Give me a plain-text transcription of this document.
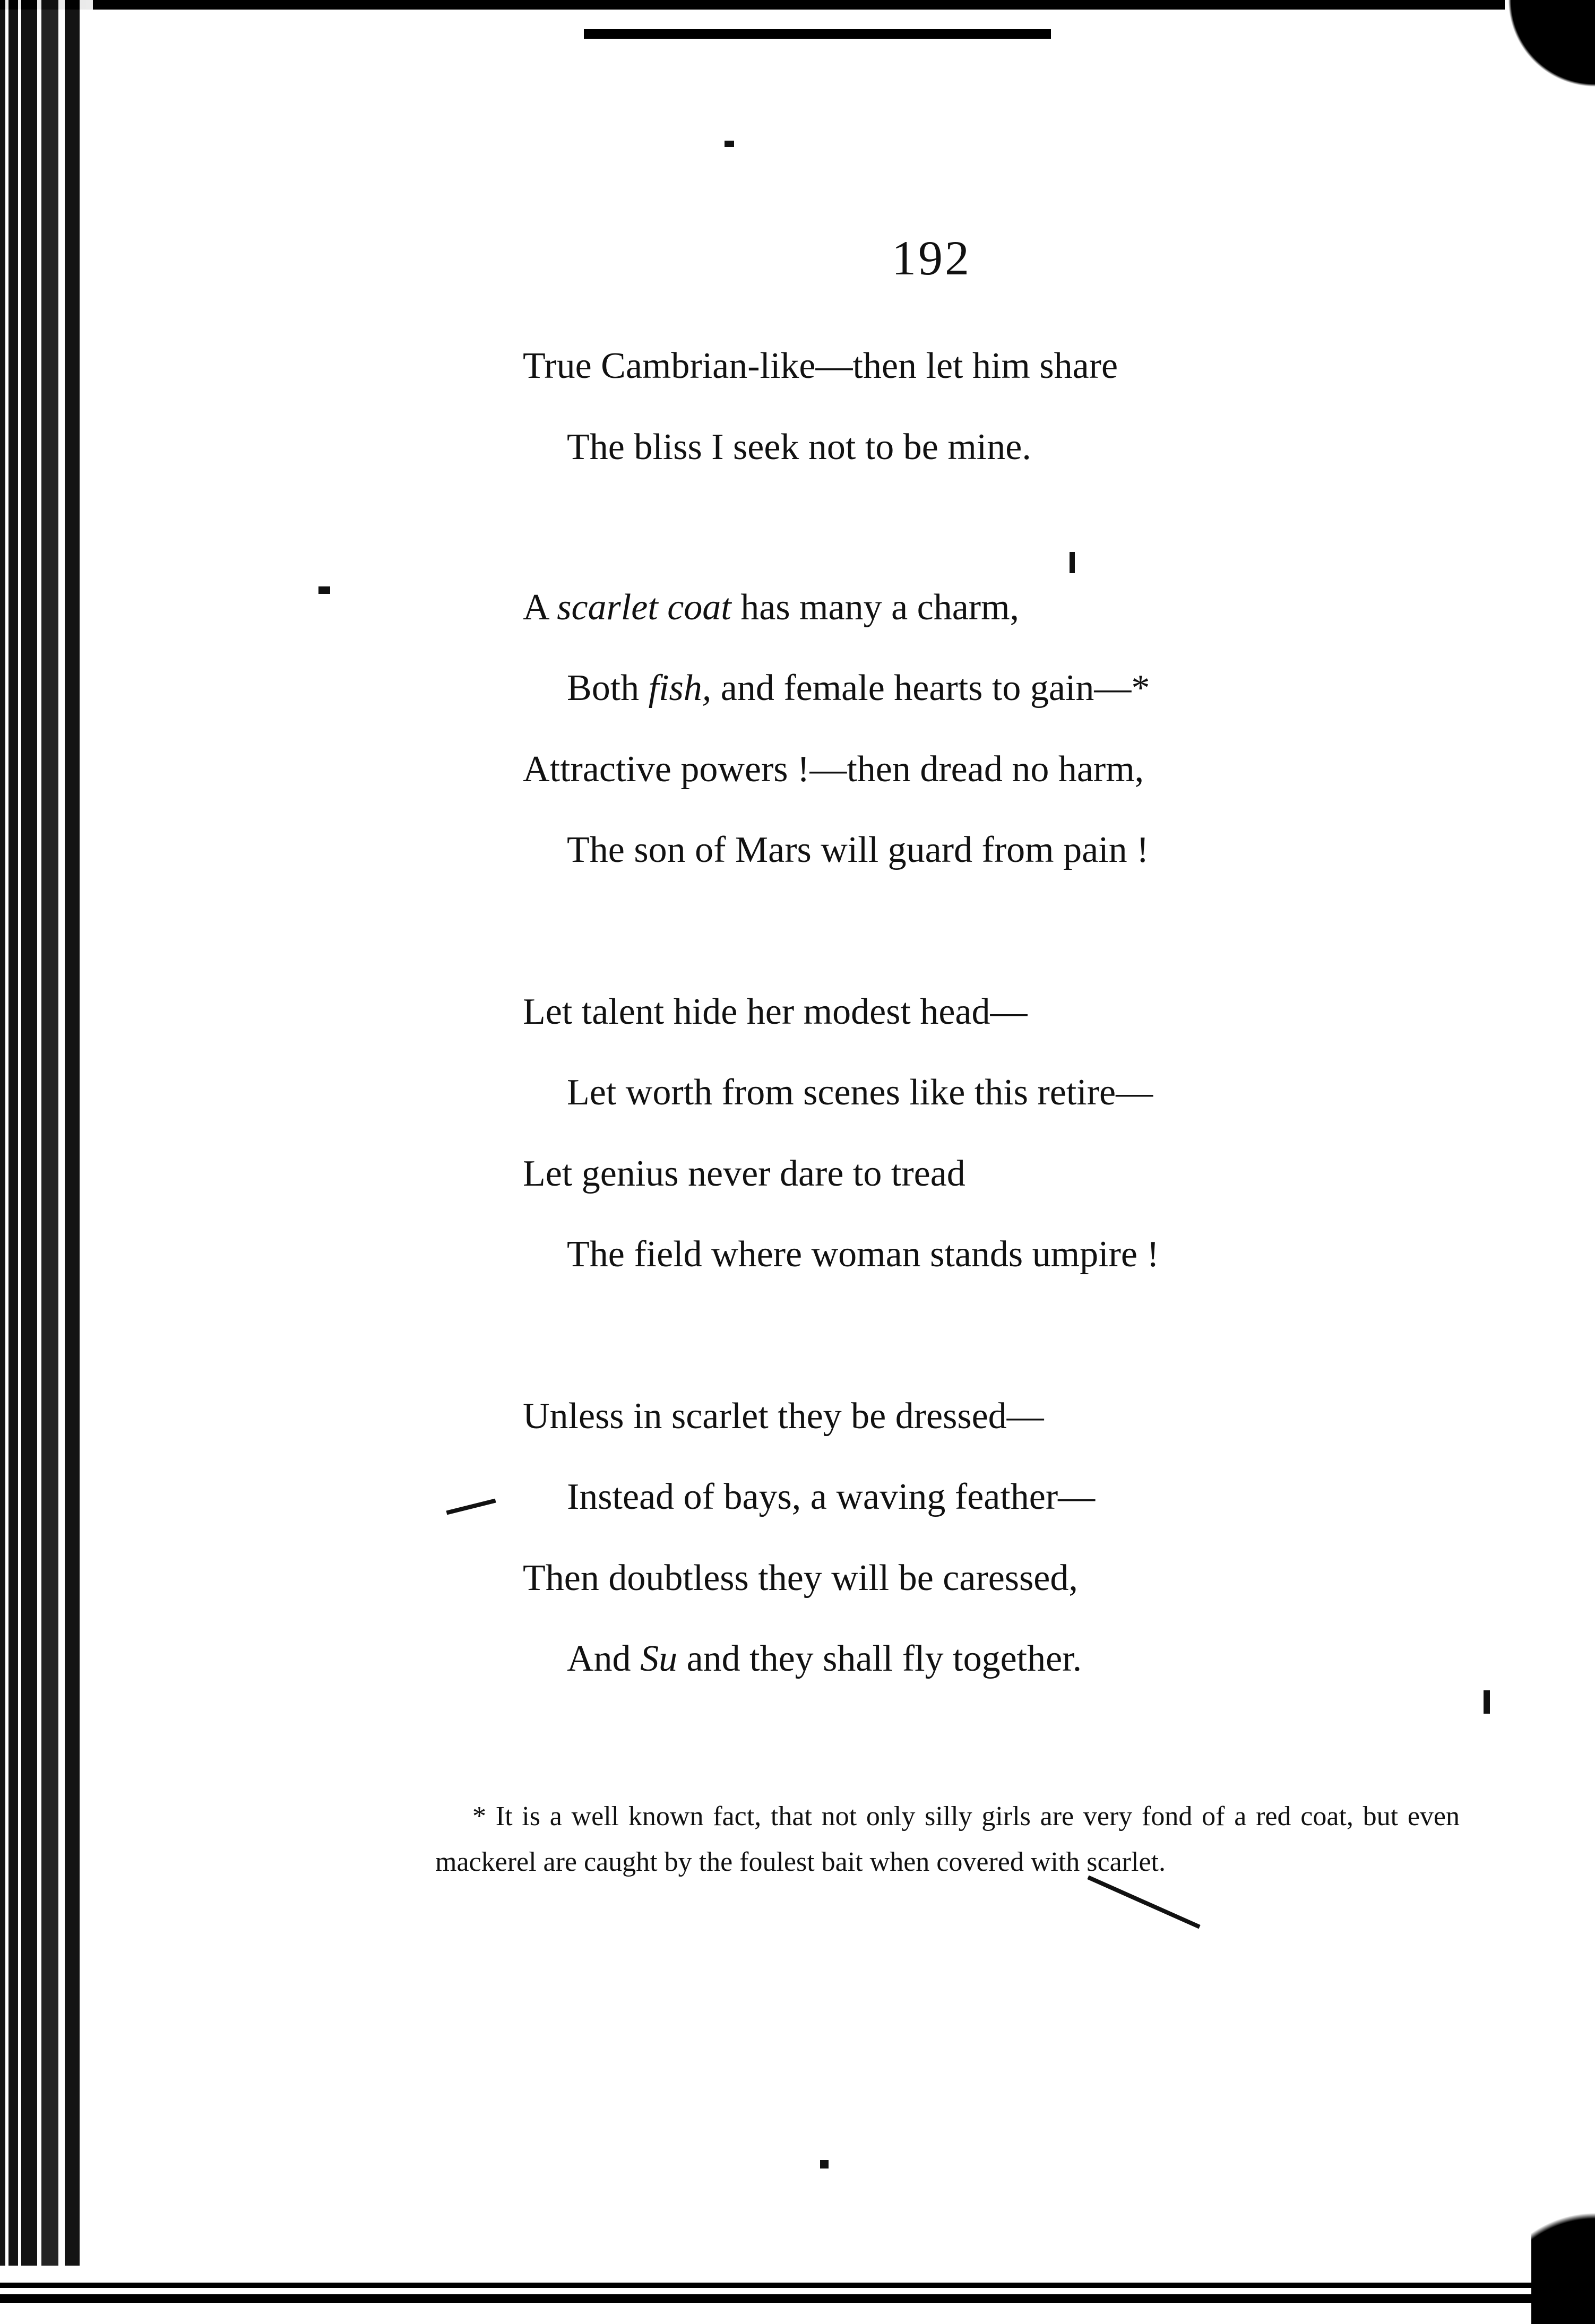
192
True Cambrian-like—then let him share
The bliss I seek not to be mine.
A scarlet coat has many a charm,
Both fish, and female hearts to gain—*
Attractive powers !—then dread no harm,
The son of Mars will guard from pain !
Let talent hide her modest head—
Let worth from scenes like this retire—
Let genius never dare to tread
The field where woman stands umpire !
Unless in scarlet they be dressed—
Instead of bays, a waving feather—
Then doubtless they will be caressed,
And Su and they shall fly together.
* It is a well known fact, that not only silly girls are very fond of a red coat, but even mackerel are caught by the foulest bait when covered with scarlet.
